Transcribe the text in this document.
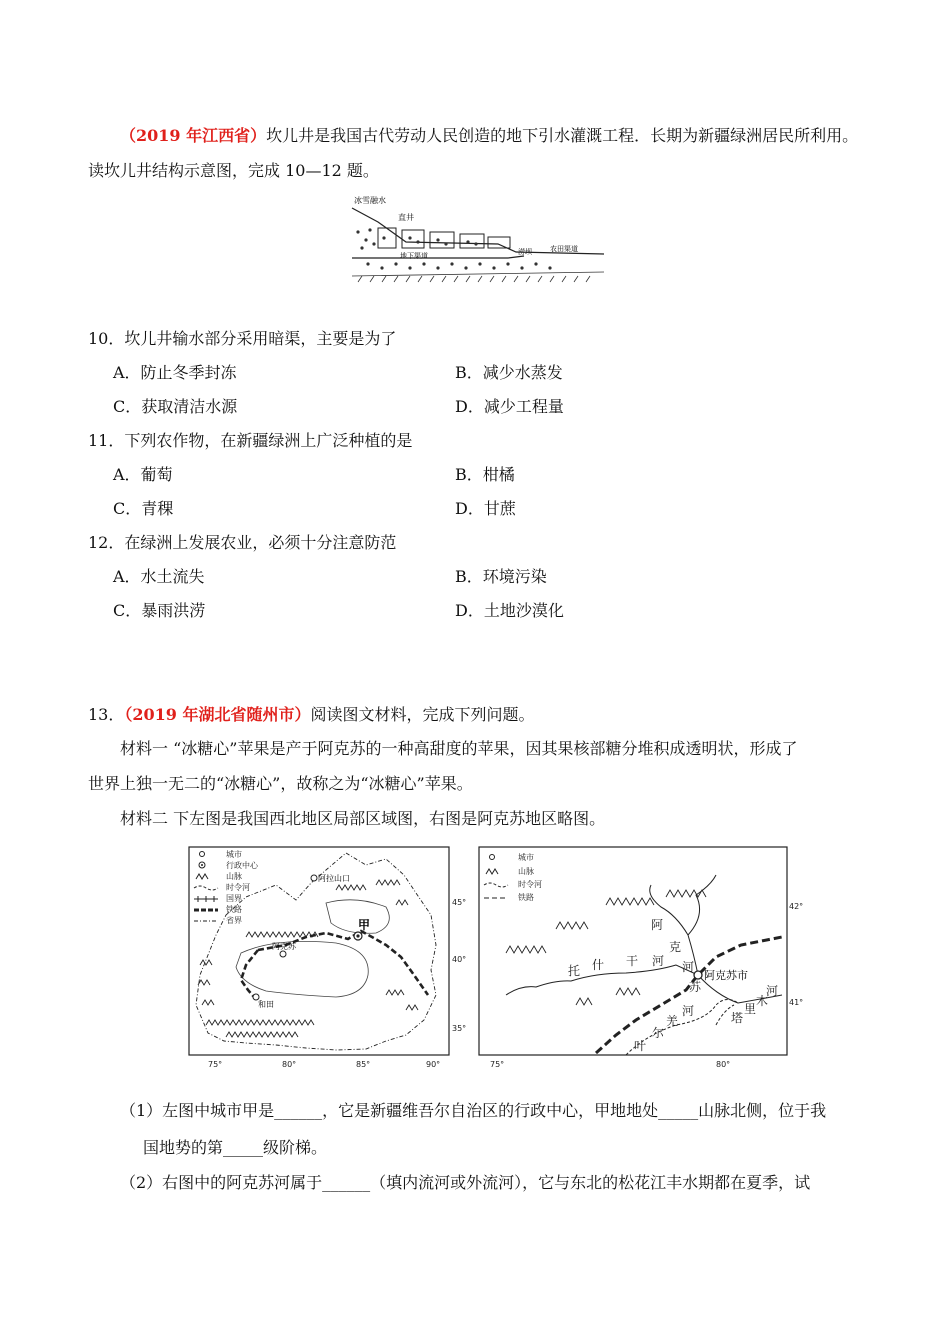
（2019 年江西省）坎儿井是我国古代劳动人民创造的地下引水灌溉工程．长期为新疆绿洲居民所利用。
读坎儿井结构示意图，完成 10—12 题。
冰雪融水
直井
地下渠道	涝坝	农田渠道
10．坎儿井输水部分采用暗渠，主要是为了
A．防止冬季封冻	B．减少水蒸发
C．获取清洁水源	D．减少工程量
11．下列农作物，在新疆绿洲上广泛种植的是
A．葡萄	B．柑橘
C．青稞	D．甘蔗
12．在绿洲上发展农业，必须十分注意防范
A．水土流失	B．环境污染
C．暴雨洪涝	D．土地沙漠化
13．（2019 年湖北省随州市）阅读图文材料，完成下列问题。
材料一 “冰糖心”苹果是产于阿克苏的一种高甜度的苹果，因其果核部糖分堆积成透明状，形成了
世界上独一无二的“冰糖心”，故称之为“冰糖心”苹果。
材料二 下左图是我国西北地区局部区域图，右图是阿克苏地区略图。
城市
行政中心
山脉
时令河
国界
铁路
省界
阿拉山口
甲
阿克苏
和田
45°
40°
35°
75°	80°	85°	90°
城市
山脉
时令河
铁路
阿克苏市
阿
克
苏
河
托 什 干 河
塔
里
木
河
叶
尔
羌
河
42°
41°
75°	80°
（1）左图中城市甲是______，它是新疆维吾尔自治区的行政中心，甲地地处_____山脉北侧，位于我
国地势的第_____级阶梯。
（2）右图中的阿克苏河属于______（填内流河或外流河），它与东北的松花江丰水期都在夏季，试
